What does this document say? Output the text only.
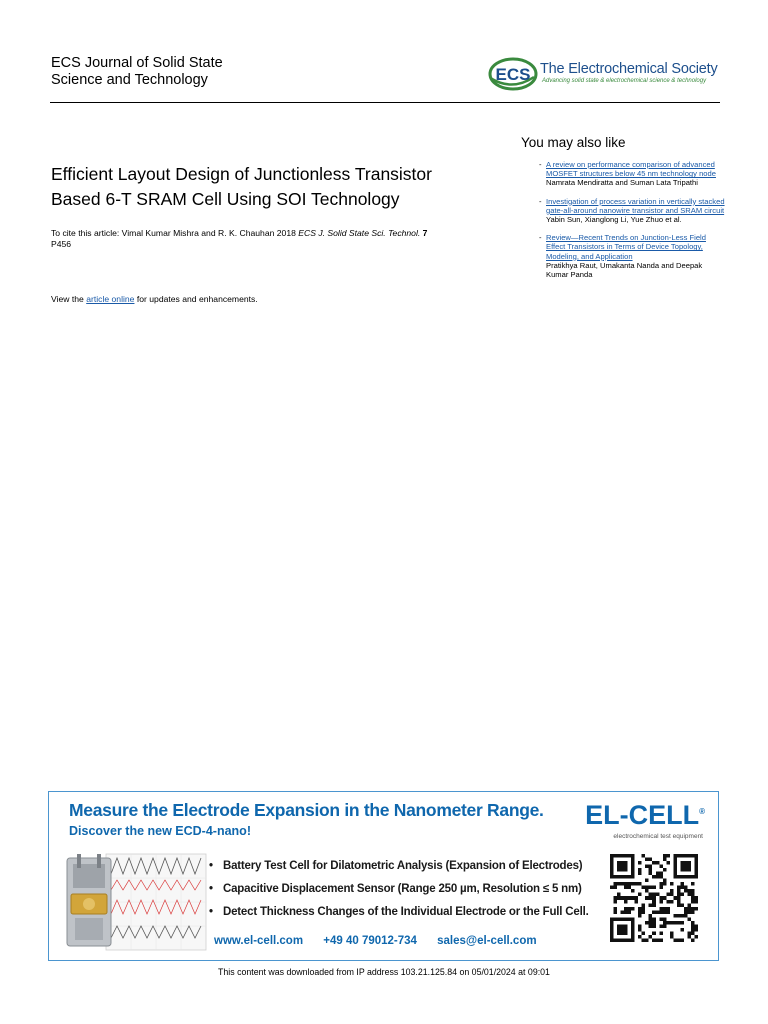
ECS Journal of Solid State
Science and Technology	ECS The Electrochemical Society
Advancing solid state & electrochemical science & technology
Efficient Layout Design of Junctionless Transistor
Based 6-T SRAM Cell Using SOI Technology
To cite this article: Vimal Kumar Mishra and R. K. Chauhan 2018 ECS J. Solid State Sci. Technol. 7
P456
View the article online for updates and enhancements.
You may also like
- A review on performance comparison of advanced MOSFET structures below 45 nm technology node
Namrata Mendiratta and Suman Lata Tripathi
- Investigation of process variation in vertically stacked gate-all-around nanowire transistor and SRAM circuit
Yabin Sun, Xianglong Li, Yue Zhuo et al.
- Review—Recent Trends on Junction-Less Field Effect Transistors in Terms of Device Topology, Modeling, and Application
Pratikhya Raut, Umakanta Nanda and Deepak Kumar Panda
Measure the Electrode Expansion in the Nanometer Range.
Discover the new ECD-4-nano!
EL-CELL®
electrochemical test equipment
• Battery Test Cell for Dilatometric Analysis (Expansion of Electrodes)
• Capacitive Displacement Sensor (Range 250 µm, Resolution ≤ 5 nm)
• Detect Thickness Changes of the Individual Electrode or the Full Cell.
www.el-cell.com +49 40 79012-734 sales@el-cell.com
This content was downloaded from IP address 103.21.125.84 on 05/01/2024 at 09:01
